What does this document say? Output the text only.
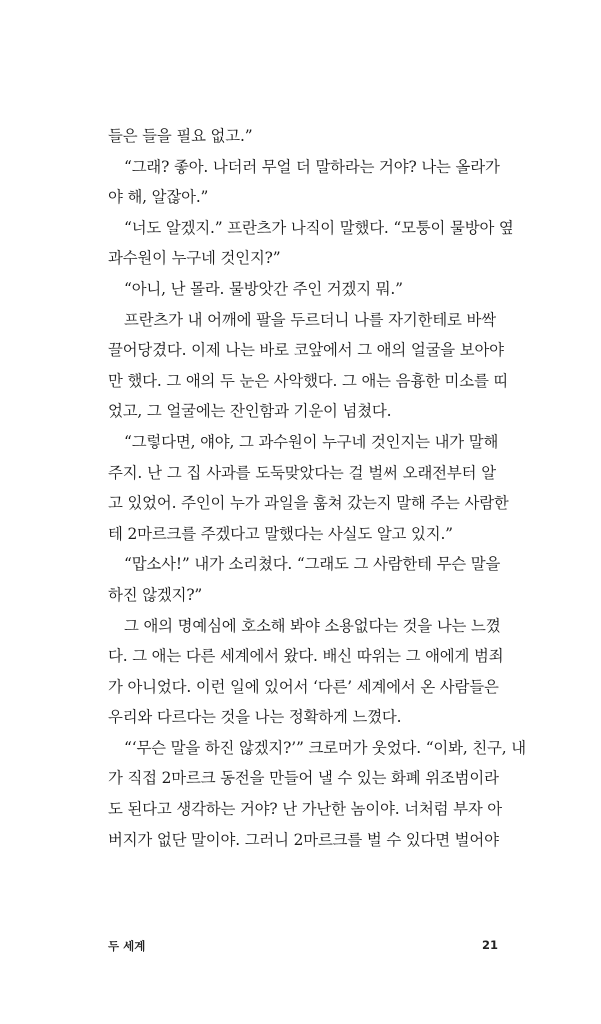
들은 들을 필요 없고.”
“그래? 좋아. 나더러 무얼 더 말하라는 거야? 나는 올라가
야 해, 알잖아.”
“너도 알겠지.” 프란츠가 나직이 말했다. “모퉁이 물방아 옆
과수원이 누구네 것인지?”
“아니, 난 몰라. 물방앗간 주인 거겠지 뭐.”
프란츠가 내 어깨에 팔을 두르더니 나를 자기한테로 바싹
끌어당겼다. 이제 나는 바로 코앞에서 그 애의 얼굴을 보아야
만 했다. 그 애의 두 눈은 사악했다. 그 애는 음흉한 미소를 띠
었고, 그 얼굴에는 잔인함과 기운이 넘쳤다.
“그렇다면, 얘야, 그 과수원이 누구네 것인지는 내가 말해
주지. 난 그 집 사과를 도둑맞았다는 걸 벌써 오래전부터 알
고 있었어. 주인이 누가 과일을 훔쳐 갔는지 말해 주는 사람한
테 2마르크를 주겠다고 말했다는 사실도 알고 있지.”
“맙소사!” 내가 소리쳤다. “그래도 그 사람한테 무슨 말을
하진 않겠지?”
그 애의 명예심에 호소해 봐야 소용없다는 것을 나는 느꼈
다. 그 애는 다른 세계에서 왔다. 배신 따위는 그 애에게 범죄
가 아니었다. 이런 일에 있어서 ‘다른’ 세계에서 온 사람들은
우리와 다르다는 것을 나는 정확하게 느꼈다.
“‘무슨 말을 하진 않겠지?’” 크로머가 웃었다. “이봐, 친구, 내
가 직접 2마르크 동전을 만들어 낼 수 있는 화폐 위조범이라
도 된다고 생각하는 거야? 난 가난한 놈이야. 너처럼 부자 아
버지가 없단 말이야. 그러니 2마르크를 벌 수 있다면 벌어야
두 세계	21
